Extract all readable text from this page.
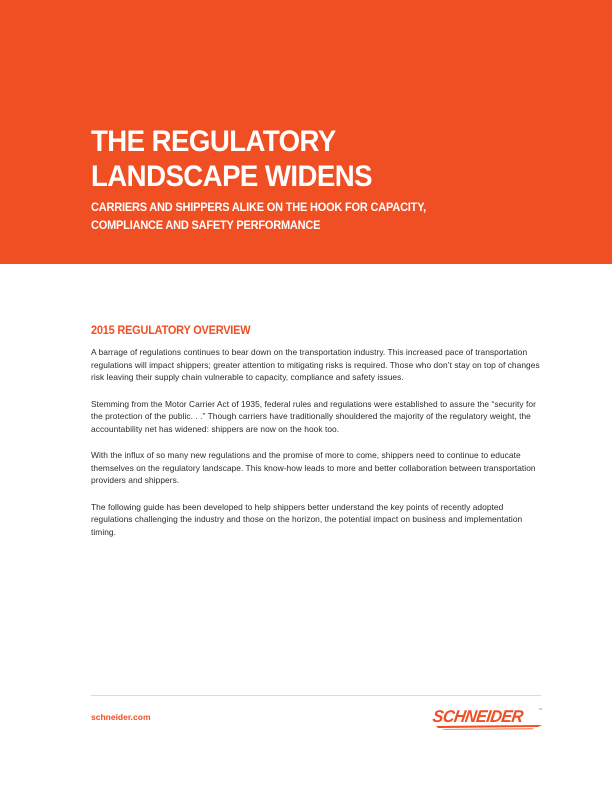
THE REGULATORY
LANDSCAPE WIDENS
CARRIERS AND SHIPPERS ALIKE ON THE HOOK FOR CAPACITY,
COMPLIANCE AND SAFETY PERFORMANCE
2015 REGULATORY OVERVIEW

A barrage of regulations continues to bear down on the transportation industry. This increased pace of transportation regulations will impact shippers; greater attention to mitigating risks is required. Those who don’t stay on top of changes risk leaving their supply chain vulnerable to capacity, compliance and safety issues.

Stemming from the Motor Carrier Act of 1935, federal rules and regulations were established to assure the “security for the protection of the public. . .” Though carriers have traditionally shouldered the majority of the regulatory weight, the accountability net has widened: shippers are now on the hook too.

With the influx of so many new regulations and the promise of more to come, shippers need to continue to educate themselves on the regulatory landscape. This know-how leads to more and better collaboration between transportation providers and shippers.

The following guide has been developed to help shippers better understand the key points of recently adopted regulations challenging the industry and those on the horizon, the potential impact on business and implementation timing.

schneider.com	SCHNEIDER	™
